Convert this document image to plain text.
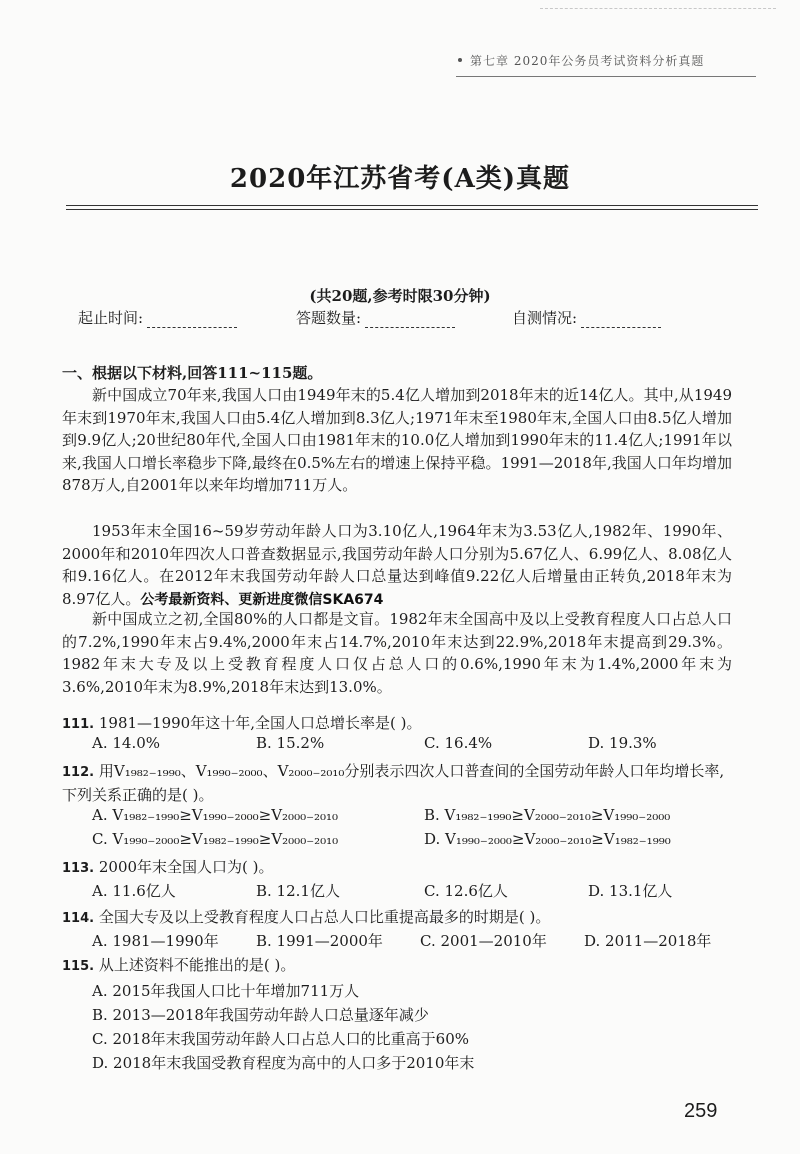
第七章 2020年公务员考试资料分析真题
2020年江苏省考(A类)真题
(共20题,参考时限30分钟)
起止时间:	答题数量:	自测情况:
一、根据以下材料,回答111~115题。
新中国成立70年来,我国人口由1949年末的5.4亿人增加到2018年末的近14亿人。其中,从1949年末到1970年末,我国人口由5.4亿人增加到8.3亿人;1971年末至1980年末,全国人口由8.5亿人增加到9.9亿人;20世纪80年代,全国人口由1981年末的10.0亿人增加到1990年末的11.4亿人;1991年以来,我国人口增长率稳步下降,最终在0.5%左右的增速上保持平稳。1991—2018年,我国人口年均增加878万人,自2001年以来年均增加711万人。
1953年末全国16~59岁劳动年龄人口为3.10亿人,1964年末为3.53亿人,1982年、1990年、2000年和2010年四次人口普查数据显示,我国劳动年龄人口分别为5.67亿人、6.99亿人、8.08亿人和9.16亿人。在2012年末我国劳动年龄人口总量达到峰值9.22亿人后增量由正转负,2018年末为8.97亿人。公考最新资料、更新进度微信SKA674
新中国成立之初,全国80%的人口都是文盲。1982年末全国高中及以上受教育程度人口占总人口的7.2%,1990年末占9.4%,2000年末占14.7%,2010年末达到22.9%,2018年末提高到29.3%。1982年末大专及以上受教育程度人口仅占总人口的0.6%,1990年末为1.4%,2000年末为3.6%,2010年末为8.9%,2018年末达到13.0%。
111. 1981—1990年这十年,全国人口总增长率是( )。
A. 14.0%	B. 15.2%	C. 16.4%	D. 19.3%
112. 用V₁₉₈₂₋₁₉₉₀、V₁₉₉₀₋₂₀₀₀、V₂₀₀₀₋₂₀₁₀分别表示四次人口普查间的全国劳动年龄人口年均增长率,下列关系正确的是( )。
A. V₁₉₈₂₋₁₉₉₀≥V₁₉₉₀₋₂₀₀₀≥V₂₀₀₀₋₂₀₁₀	B. V₁₉₈₂₋₁₉₉₀≥V₂₀₀₀₋₂₀₁₀≥V₁₉₉₀₋₂₀₀₀
C. V₁₉₉₀₋₂₀₀₀≥V₁₉₈₂₋₁₉₉₀≥V₂₀₀₀₋₂₀₁₀	D. V₁₉₉₀₋₂₀₀₀≥V₂₀₀₀₋₂₀₁₀≥V₁₉₈₂₋₁₉₉₀
113. 2000年末全国人口为( )。
A. 11.6亿人	B. 12.1亿人	C. 12.6亿人	D. 13.1亿人
114. 全国大专及以上受教育程度人口占总人口比重提高最多的时期是( )。
A. 1981—1990年 B. 1991—2000年 C. 2001—2010年 D. 2011—2018年
115. 从上述资料不能推出的是( )。
A. 2015年我国人口比十年增加711万人
B. 2013—2018年我国劳动年龄人口总量逐年减少
C. 2018年末我国劳动年龄人口占总人口的比重高于60%
D. 2018年末我国受教育程度为高中的人口多于2010年末
259
